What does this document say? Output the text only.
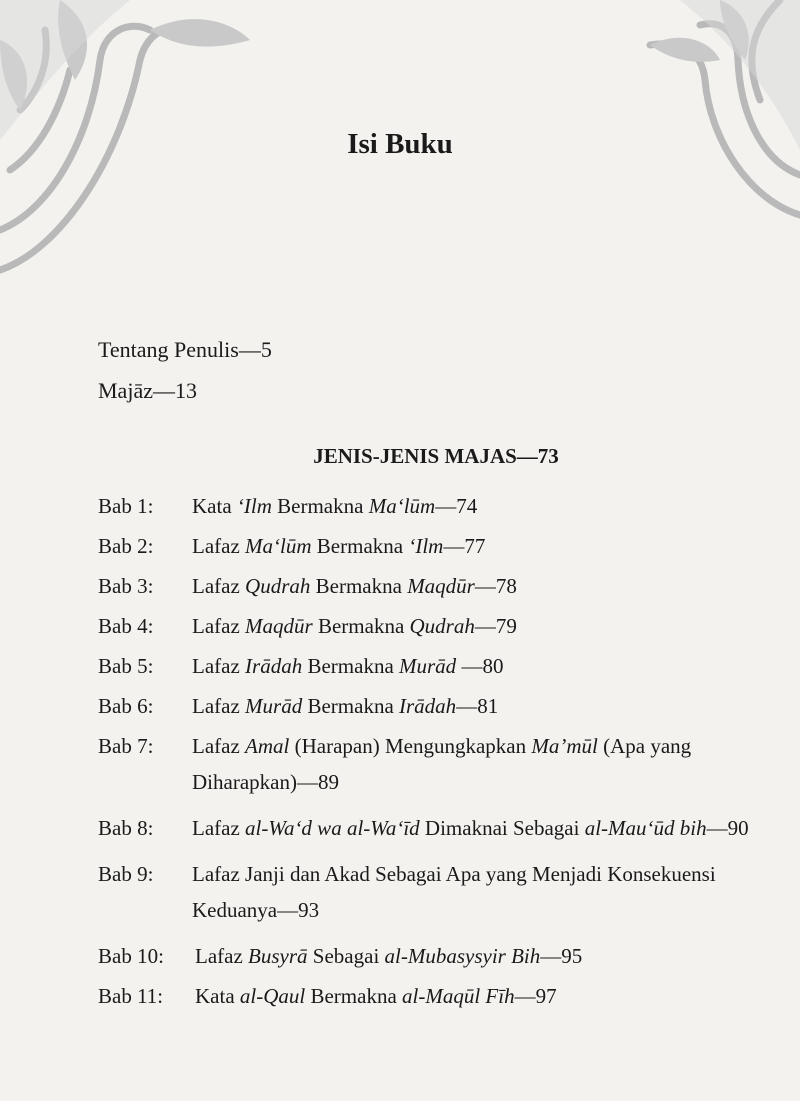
Isi Buku
Tentang Penulis—5
Majāz—13
JENIS-JENIS MAJAS—73
Bab 1: Kata ‘Ilm Bermakna Ma‘lūm—74
Bab 2: Lafaz Ma‘lūm Bermakna ‘Ilm—77
Bab 3: Lafaz Qudrah Bermakna Maqdūr—78
Bab 4: Lafaz Maqdūr Bermakna Qudrah—79
Bab 5: Lafaz Irādah Bermakna Murād —80
Bab 6: Lafaz Murād Bermakna Irādah—81
Bab 7: Lafaz Amal (Harapan) Mengungkapkan Ma’mūl (Apa yang Diharapkan)—89
Bab 8: Lafaz al-Wa‘d wa al-Wa‘īd Dimaknai Sebagai al-Mau‘ūd bih—90
Bab 9: Lafaz Janji dan Akad Sebagai Apa yang Menjadi Konsekuensi Keduanya—93
Bab 10: Lafaz Busyrā Sebagai al-Mubasysyir Bih—95
Bab 11: Kata al-Qaul Bermakna al-Maqūl Fīh—97
